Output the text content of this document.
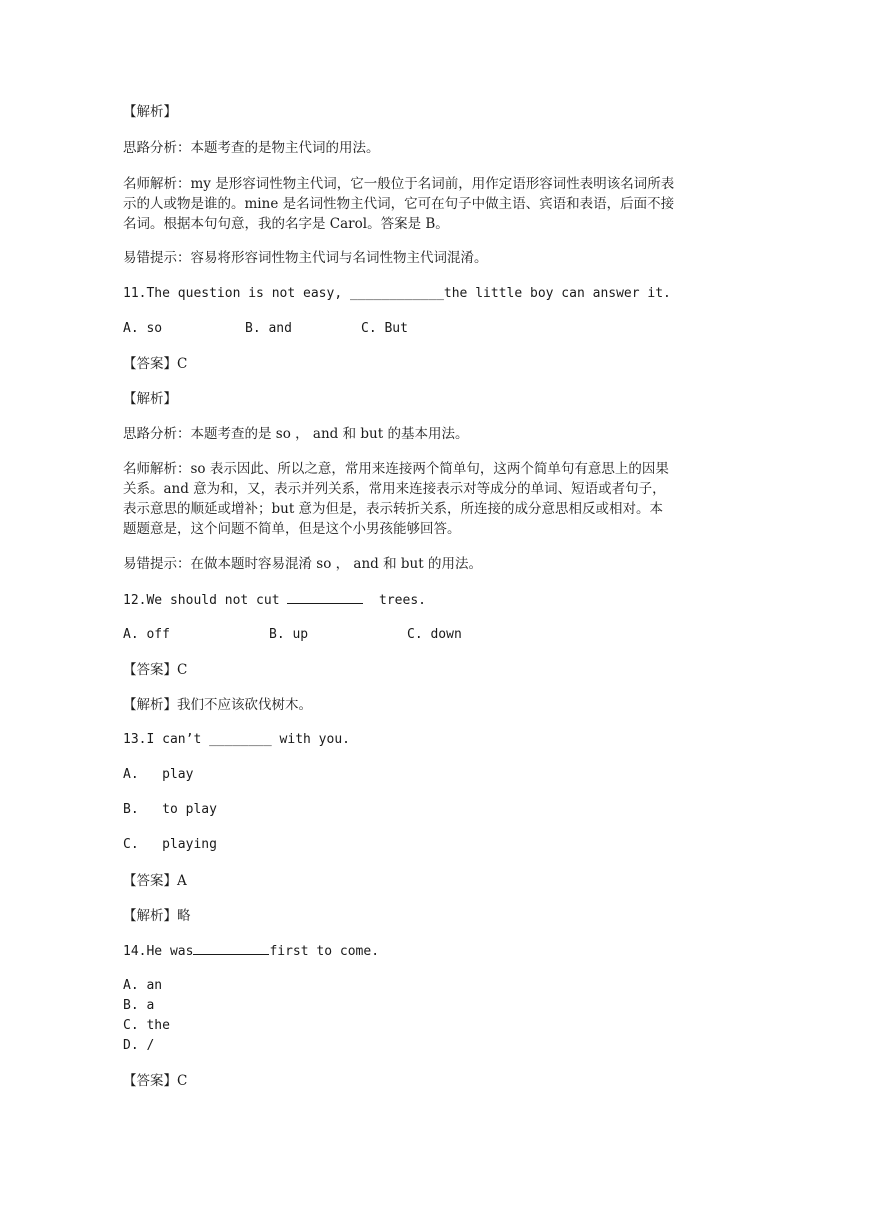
【解析】
思路分析：本题考查的是物主代词的用法。
名师解析：my 是形容词性物主代词，它一般位于名词前，用作定语形容词性表明该名词所表
示的人或物是谁的。mine 是名词性物主代词，它可在句子中做主语、宾语和表语，后面不接
名词。根据本句句意，我的名字是 Carol。答案是 B。
易错提示：容易将形容词性物主代词与名词性物主代词混淆。
11.The question is not easy, ____________the little boy can answer it.
A. so	B. and	C. But
【答案】C
【解析】
思路分析：本题考查的是 so ， and 和 but 的基本用法。
名师解析：so 表示因此、所以之意，常用来连接两个简单句，这两个简单句有意思上的因果
关系。and 意为和，又，表示并列关系，常用来连接表示对等成分的单词、短语或者句子，
表示意思的顺延或增补；but 意为但是，表示转折关系，所连接的成分意思相反或相对。本
题题意是，这个问题不简单，但是这个小男孩能够回答。
易错提示：在做本题时容易混淆 so ， and 和 but 的用法。
12.We should not cut	trees.
A. off	B. up	C. down
【答案】C
【解析】我们不应该砍伐树木。
13.I can’t ________ with you.
A.   play
B.   to play
C.   playing
【答案】A
【解析】略
14.He was	first to come.
A. an
B. a
C. the
D. /
【答案】C
